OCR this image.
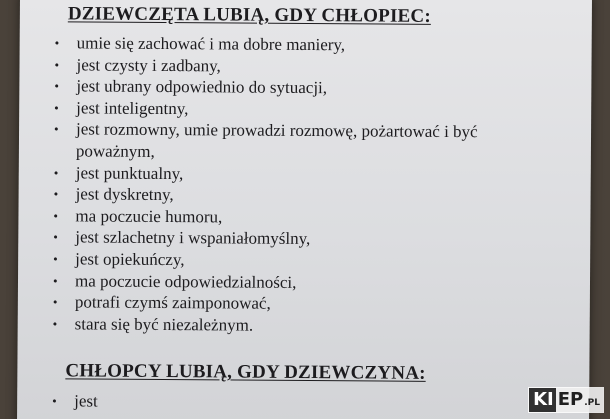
DZIEWCZĘTA LUBIĄ, GDY CHŁOPIEC:
• umie się zachować i ma dobre maniery,
• jest czysty i zadbany,
• jest ubrany odpowiednio do sytuacji,
• jest inteligentny,
• jest rozmowny, umie prowadzi rozmowę, pożartować i być
poważnym,
• jest punktualny,
• jest dyskretny,
• ma poczucie humoru,
• jest szlachetny i wspaniałomyślny,
• jest opiekuńczy,
• ma poczucie odpowiedzialności,
• potrafi czymś zaimponować,
• stara się być niezależnym.
CHŁOPCY LUBIĄ, GDY DZIEWCZYNA:
• jest	KI EP .PL
